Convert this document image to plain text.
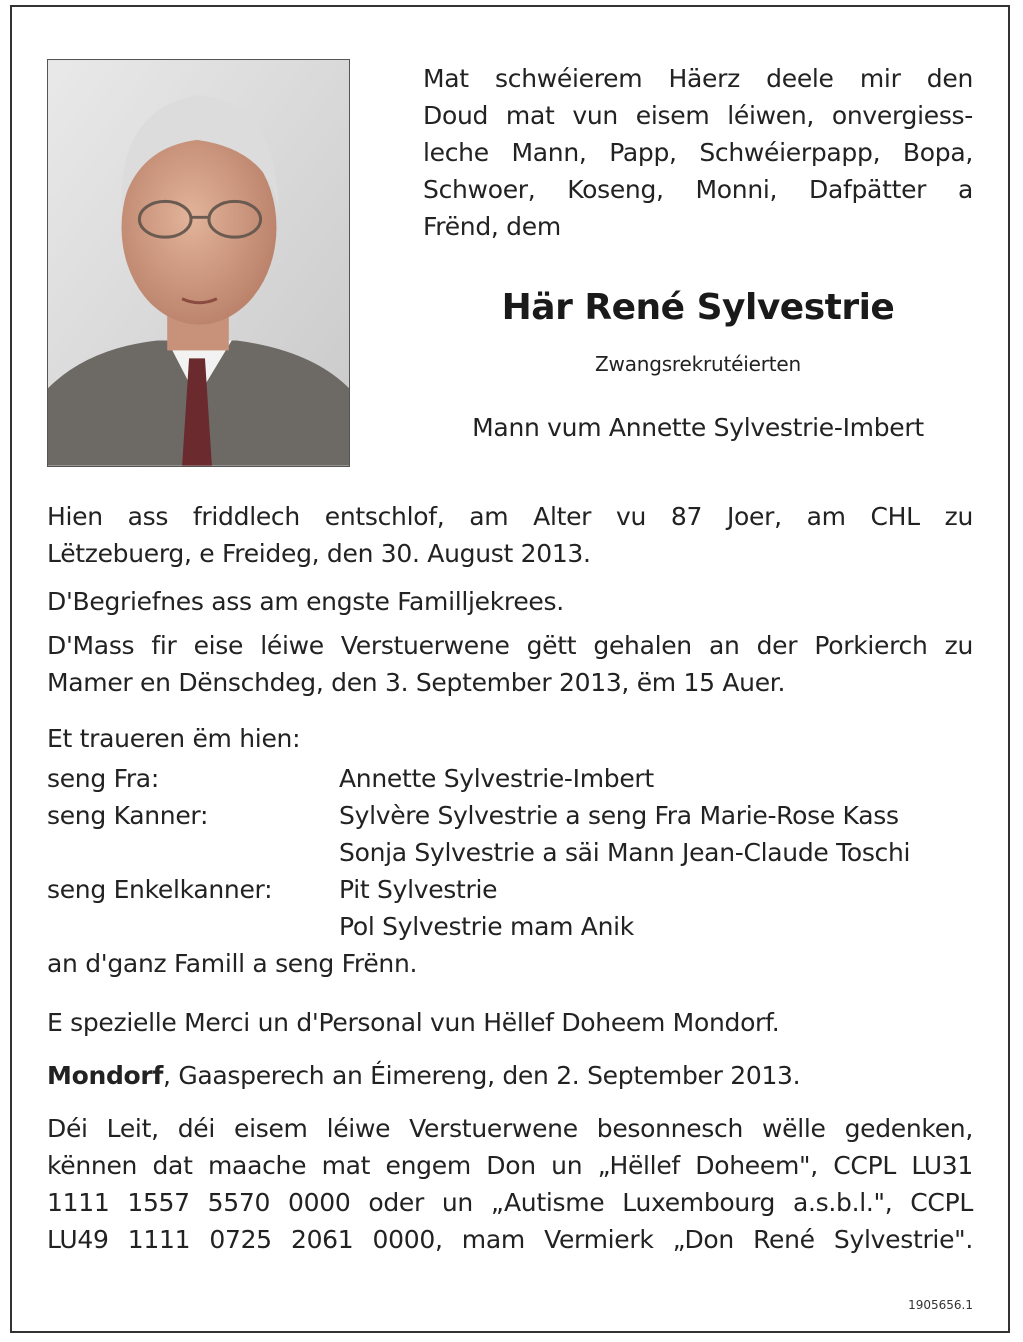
Mat schwéierem Häerz deele mir den
Doud mat vun eisem léiwen, onvergiess-
leche Mann, Papp, Schwéierpapp, Bopa,
Schwoer, Koseng, Monni, Dafpätter a
Frënd, dem
Här René Sylvestrie
Zwangsrekrutéierten
Mann vum Annette Sylvestrie-Imbert
Hien ass friddlech entschlof, am Alter vu 87 Joer, am CHL zu
Lëtzebuerg, e Freideg, den 30. August 2013.
D'Begriefnes ass am engste Familljekrees.
D'Mass fir eise léiwe Verstuerwene gëtt gehalen an der Porkierch zu
Mamer en Dënschdeg, den 3. September 2013, ëm 15 Auer.
Et traueren ëm hien:
seng Fra:	Annette Sylvestrie-Imbert
seng Kanner:	Sylvère Sylvestrie a seng Fra Marie-Rose Kass
Sonja Sylvestrie a säi Mann Jean-Claude Toschi
seng Enkelkanner:	Pit Sylvestrie
Pol Sylvestrie mam Anik
an d'ganz Famill a seng Frënn.
E spezielle Merci un d'Personal vun Hëllef Doheem Mondorf.
Mondorf, Gaasperech an Éimereng, den 2. September 2013.
Déi Leit, déi eisem léiwe Verstuerwene besonnesch wëlle gedenken,
kënnen dat maache mat engem Don un „Hëllef Doheem", CCPL LU31
1111 1557 5570 0000 oder un „Autisme Luxembourg a.s.b.l.", CCPL
LU49 1111 0725 2061 0000, mam Vermierk „Don René Sylvestrie".
1905656.1
